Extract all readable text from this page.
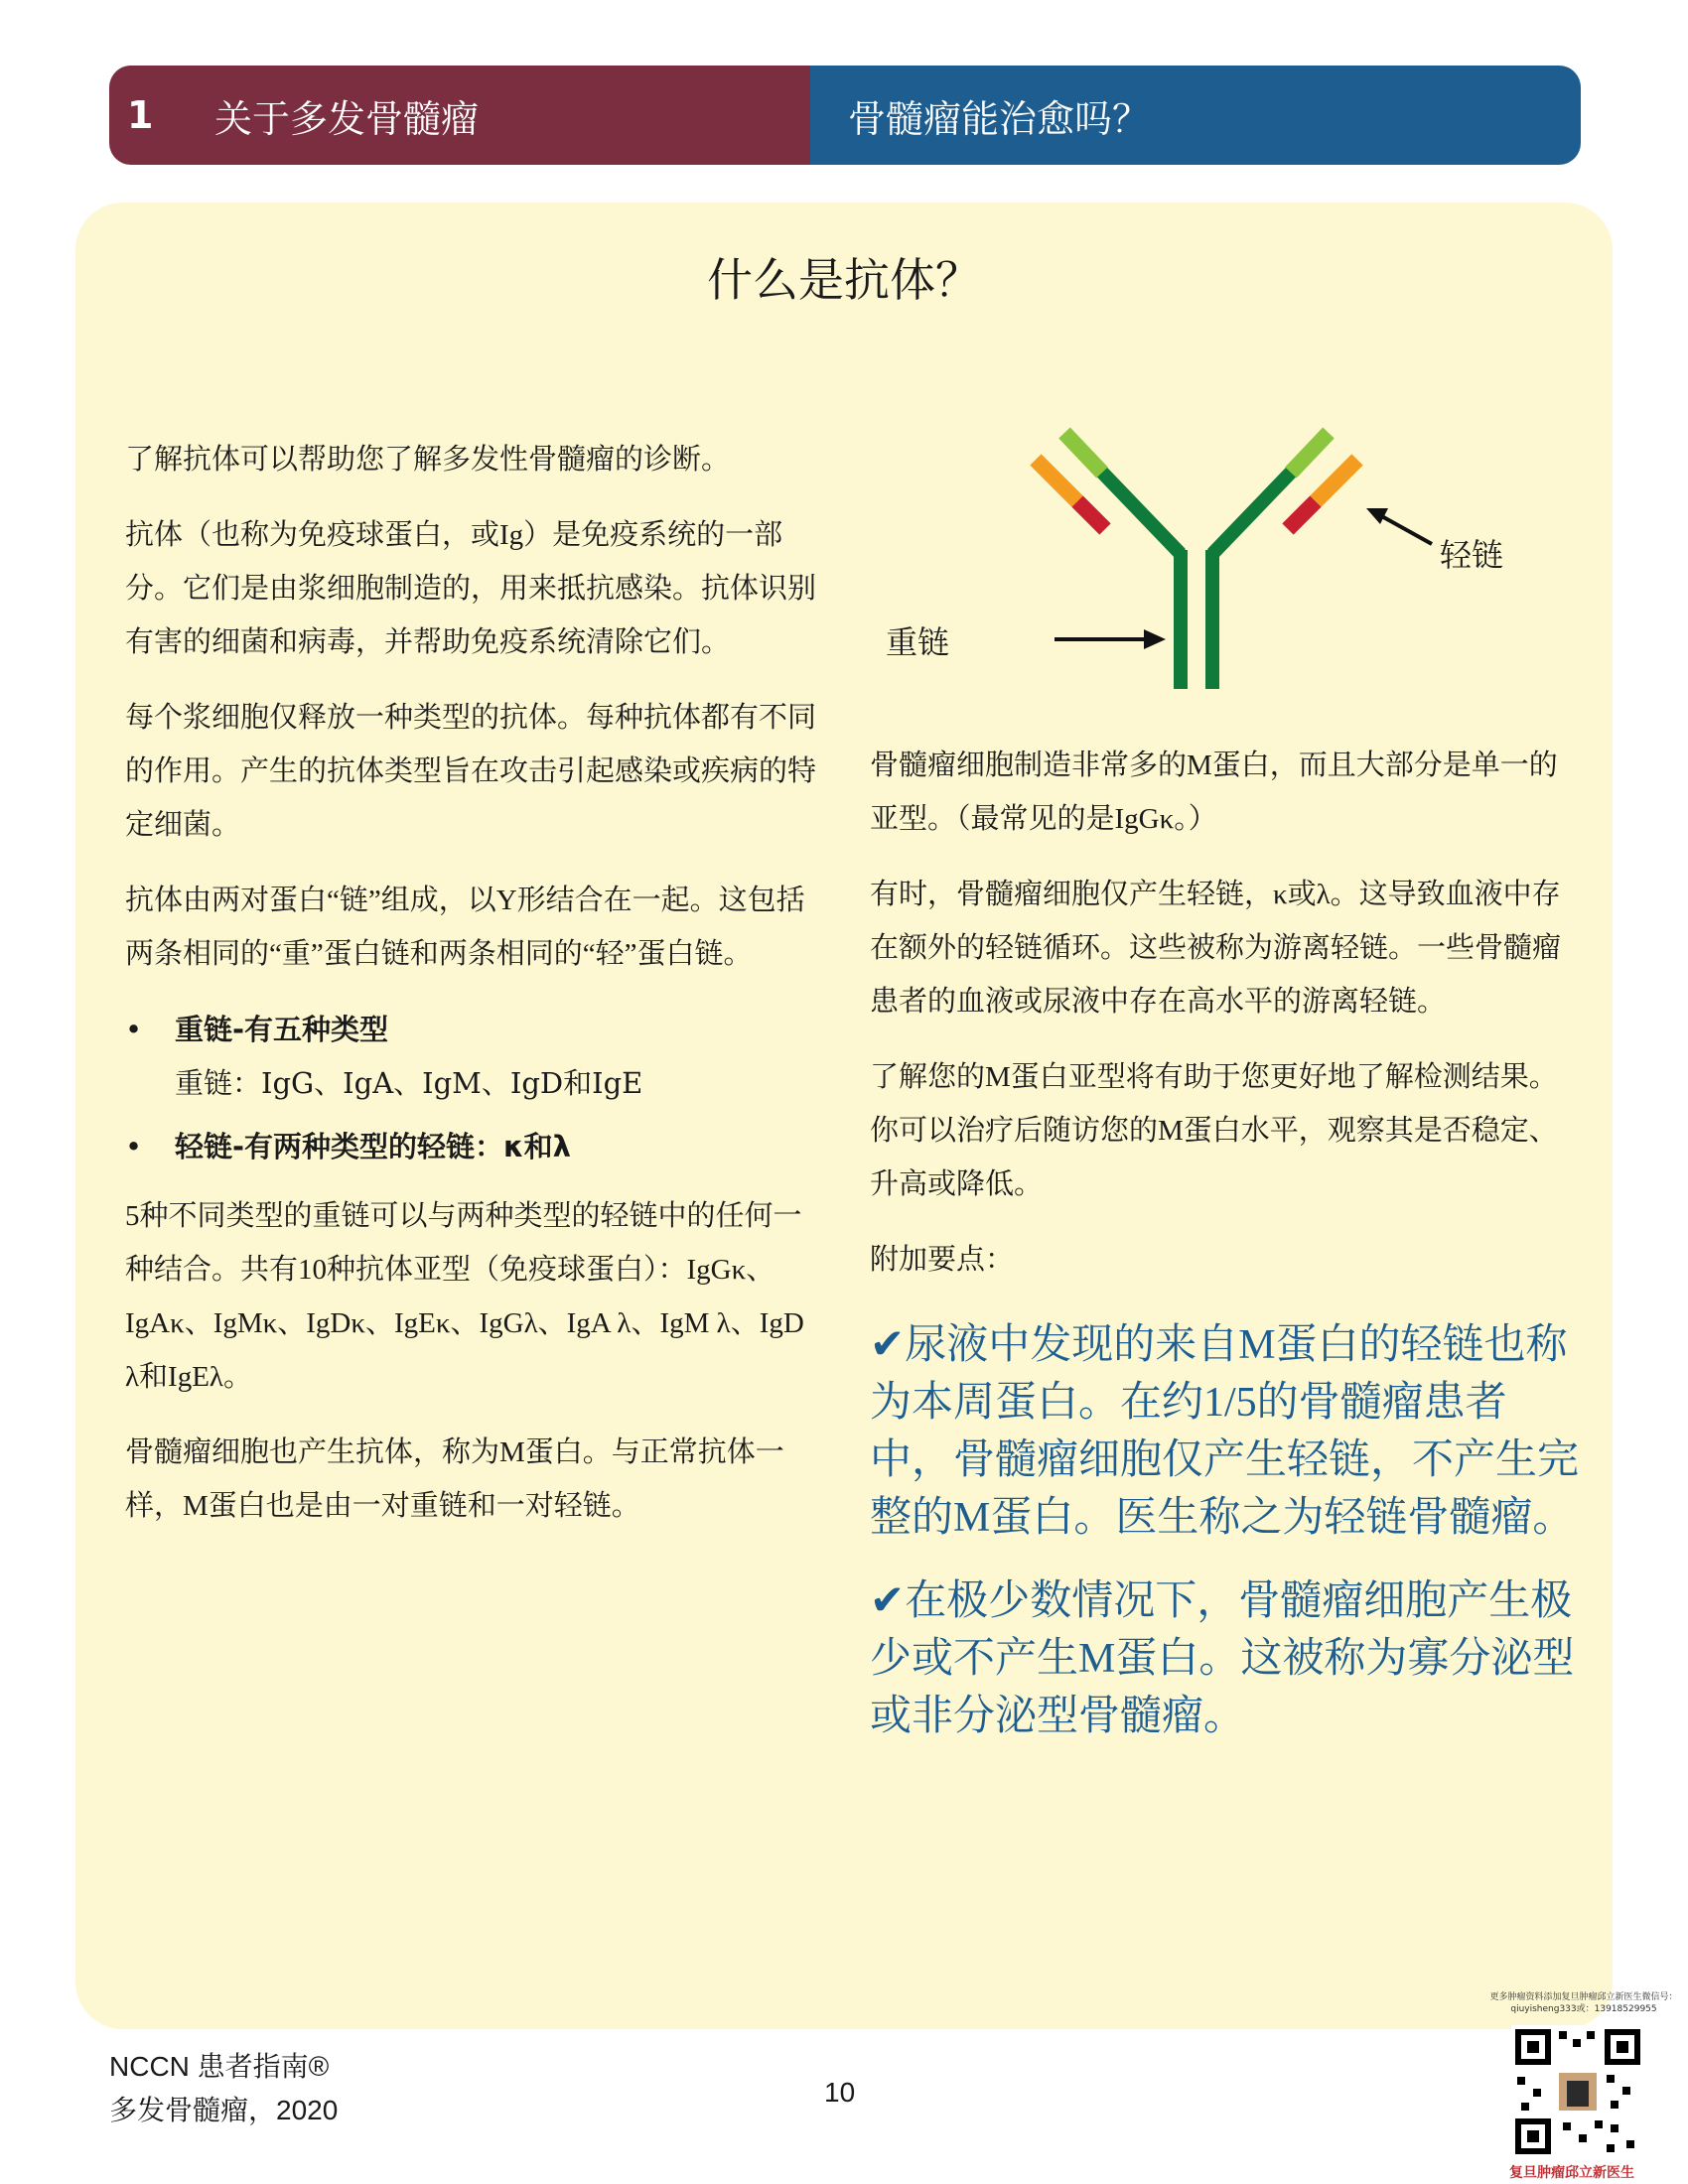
1	关于多发骨髓瘤	骨髓瘤能治愈吗？
什么是抗体？

了解抗体可以帮助您了解多发性骨髓瘤的诊断。

抗体（也称为免疫球蛋白，或Ig）是免疫系统的一部分。它们是由浆细胞制造的，用来抵抗感染。抗体识别有害的细菌和病毒，并帮助免疫系统清除它们。

每个浆细胞仅释放一种类型的抗体。每种抗体都有不同的作用。产生的抗体类型旨在攻击引起感染或疾病的特定细菌。

抗体由两对蛋白“链”组成，以Y形结合在一起。这包括两条相同的“重”蛋白链和两条相同的“轻”蛋白链。

• 重链-有五种类型
重链：IgG、IgA、IgM、IgD和IgE
• 轻链-有两种类型的轻链：κ和λ

5种不同类型的重链可以与两种类型的轻链中的任何一种结合。共有10种抗体亚型（免疫球蛋白）：IgGκ、IgAκ、IgMκ、IgDκ、IgEκ、IgGλ、IgA λ、IgM λ、IgD λ和IgEλ。

骨髓瘤细胞也产生抗体，称为M蛋白。与正常抗体一样，M蛋白也是由一对重链和一对轻链。

轻链
重链

骨髓瘤细胞制造非常多的M蛋白，而且大部分是单一的亚型。（最常见的是IgGκ。）

有时，骨髓瘤细胞仅产生轻链，κ或λ。这导致血液中存在额外的轻链循环。这些被称为游离轻链。一些骨髓瘤患者的血液或尿液中存在高水平的游离轻链。

了解您的M蛋白亚型将有助于您更好地了解检测结果。你可以治疗后随访您的M蛋白水平，观察其是否稳定、升高或降低。

附加要点：

✔尿液中发现的来自M蛋白的轻链也称为本周蛋白。在约1/5的骨髓瘤患者中，骨髓瘤细胞仅产生轻链，不产生完整的M蛋白。医生称之为轻链骨髓瘤。

✔在极少数情况下，骨髓瘤细胞产生极少或不产生M蛋白。这被称为寡分泌型或非分泌型骨髓瘤。

NCCN 患者指南®
多发骨髓瘤，2020
10
更多肿瘤资料添加复旦肿瘤邱立新医生微信号：qiuyisheng333或：13918529955
复旦肿瘤邱立新医生
